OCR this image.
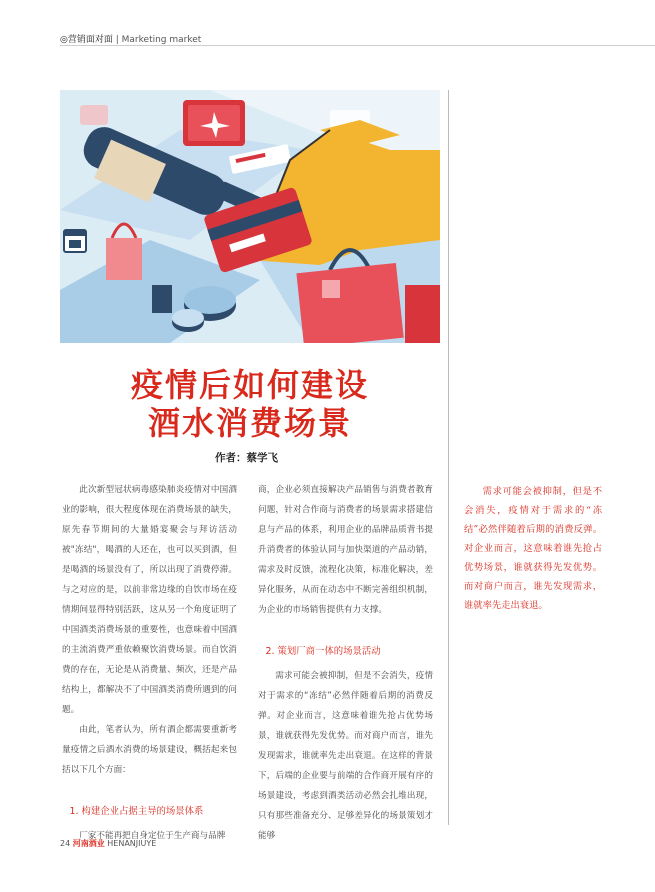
◎营销面对面 | Marketing market
疫情后如何建设
酒水消费场景
作者：蔡学飞

此次新型冠状病毒感染肺炎疫情对中国酒业的影响，很大程度体现在消费场景的缺失，原先春节期间的大量婚宴聚会与拜访活动被"冻结"，喝酒的人还在，也可以买到酒，但是喝酒的场景没有了，所以出现了消费停滞。与之对应的是，以前非常边缘的自饮市场在疫情期间显得特别活跃，这从另一个角度证明了中国酒类消费场景的重要性，也意味着中国酒的主流消费严重依赖聚饮消费场景。而自饮消费的存在，无论是从消费量、频次，还是产品结构上，都解决不了中国酒类消费所遇到的问题。

由此，笔者认为，所有酒企都需要重新考量疫情之后酒水消费的场景建设，概括起来包括以下几个方面：

1. 构建企业占据主导的场景体系

厂家不能再把自身定位于生产商与品牌

商，企业必须直接解决产品销售与消费者教育问题，针对合作商与消费者的场景需求搭建信息与产品的体系，利用企业的品牌品质背书提升消费者的体验认同与加快渠道的产品动销，需求及时反馈，流程化决策，标准化解决，差异化服务，从而在动态中不断完善组织机制，为企业的市场销售提供有力支撑。

2. 策划厂商一体的场景活动

需求可能会被抑制，但是不会消失，疫情对于需求的“冻结”必然伴随着后期的消费反弹。对企业而言，这意味着谁先抢占优势场景，谁就获得先发优势。而对商户而言，谁先发现需求，谁就率先走出衰退。在这样的背景下，后端的企业要与前端的合作商开展有序的场景建设，考虑到酒类活动必然会扎堆出现，只有那些准备充分、足够差异化的场景策划才能够

需求可能会被抑制，但是不会消失，疫情对于需求的“冻结”必然伴随着后期的消费反弹。对企业而言，这意味着谁先抢占优势场景，谁就获得先发优势。而对商户而言，谁先发现需求，谁就率先走出衰退。
24 河南酒业 HENANJIUYE
